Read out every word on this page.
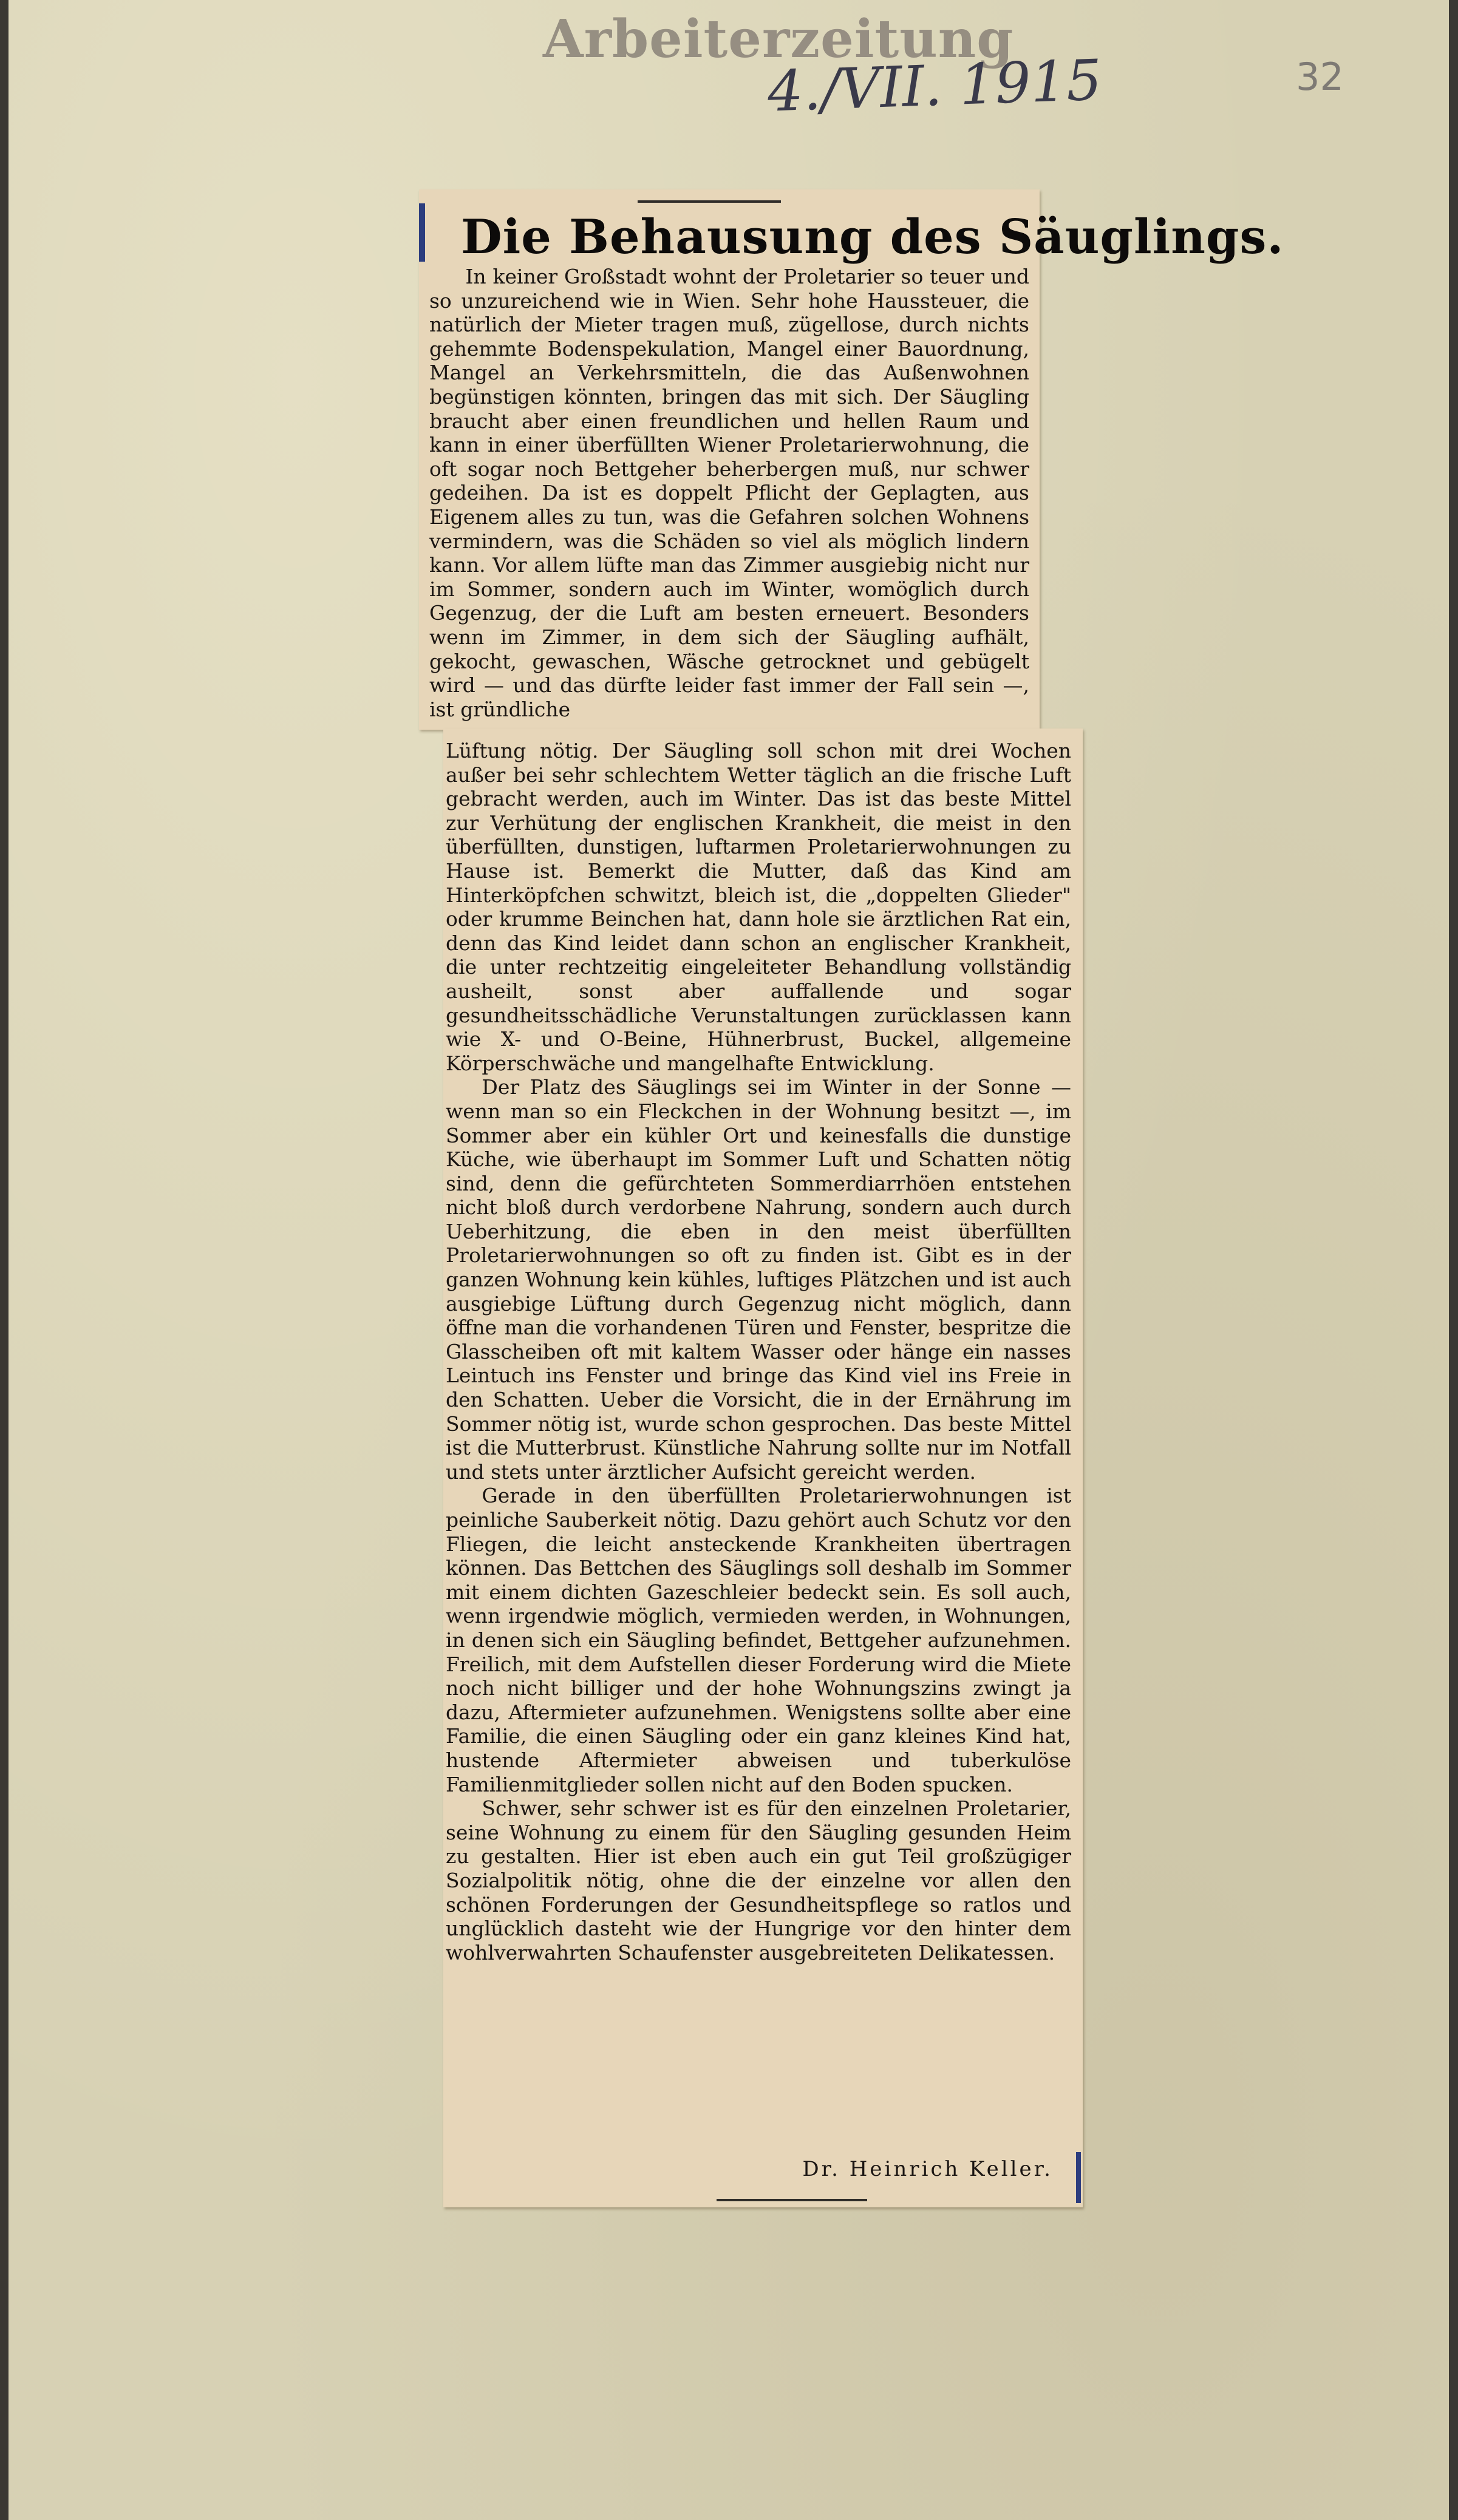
Arbeiterzeitung
4./VII. 1915	32
Die Behausung des Säuglings.

In keiner Großstadt wohnt der Proletarier so teuer und so unzureichend wie in Wien. Sehr hohe Haussteuer, die natürlich der Mieter tragen muß, zügellose, durch nichts gehemmte Bodenspekulation, Mangel einer Bauordnung, Mangel an Verkehrsmitteln, die das Außenwohnen begünstigen könnten, bringen das mit sich. Der Säugling braucht aber einen freundlichen und hellen Raum und kann in einer überfüllten Wiener Proletarierwohnung, die oft sogar noch Bettgeher beherbergen muß, nur schwer gedeihen. Da ist es doppelt Pflicht der Geplagten, aus Eigenem alles zu tun, was die Gefahren solchen Wohnens vermindern, was die Schäden so viel als möglich lindern kann. Vor allem lüfte man das Zimmer ausgiebig nicht nur im Sommer, sondern auch im Winter, womöglich durch Gegenzug, der die Luft am besten erneuert. Besonders wenn im Zimmer, in dem sich der Säugling aufhält, gekocht, gewaschen, Wäsche getrocknet und gebügelt wird — und das dürfte leider fast immer der Fall sein —, ist gründliche

Lüftung nötig. Der Säugling soll schon mit drei Wochen außer bei sehr schlechtem Wetter täglich an die frische Luft gebracht werden, auch im Winter. Das ist das beste Mittel zur Verhütung der englischen Krankheit, die meist in den überfüllten, dunstigen, luftarmen Proletarierwohnungen zu Hause ist. Bemerkt die Mutter, daß das Kind am Hinterköpfchen schwitzt, bleich ist, die „doppelten Glieder" oder krumme Beinchen hat, dann hole sie ärztlichen Rat ein, denn das Kind leidet dann schon an englischer Krankheit, die unter rechtzeitig eingeleiteter Behandlung vollständig ausheilt, sonst aber auffallende und sogar gesundheitsschädliche Verunstaltungen zurücklassen kann wie X- und O-Beine, Hühnerbrust, Buckel, allgemeine Körperschwäche und mangelhafte Entwicklung.

Der Platz des Säuglings sei im Winter in der Sonne — wenn man so ein Fleckchen in der Wohnung besitzt —, im Sommer aber ein kühler Ort und keinesfalls die dunstige Küche, wie überhaupt im Sommer Luft und Schatten nötig sind, denn die gefürchteten Sommerdiarrhöen entstehen nicht bloß durch verdorbene Nahrung, sondern auch durch Ueberhitzung, die eben in den meist überfüllten Proletarierwohnungen so oft zu finden ist. Gibt es in der ganzen Wohnung kein kühles, luftiges Plätzchen und ist auch ausgiebige Lüftung durch Gegenzug nicht möglich, dann öffne man die vorhandenen Türen und Fenster, bespritze die Glasscheiben oft mit kaltem Wasser oder hänge ein nasses Leintuch ins Fenster und bringe das Kind viel ins Freie in den Schatten. Ueber die Vorsicht, die in der Ernährung im Sommer nötig ist, wurde schon gesprochen. Das beste Mittel ist die Mutterbrust. Künstliche Nahrung sollte nur im Notfall und stets unter ärztlicher Aufsicht gereicht werden.

Gerade in den überfüllten Proletarierwohnungen ist peinliche Sauberkeit nötig. Dazu gehört auch Schutz vor den Fliegen, die leicht ansteckende Krankheiten übertragen können. Das Bettchen des Säuglings soll deshalb im Sommer mit einem dichten Gazeschleier bedeckt sein. Es soll auch, wenn irgendwie möglich, vermieden werden, in Wohnungen, in denen sich ein Säugling befindet, Bettgeher aufzunehmen. Freilich, mit dem Aufstellen dieser Forderung wird die Miete noch nicht billiger und der hohe Wohnungszins zwingt ja dazu, Aftermieter aufzunehmen. Wenigstens sollte aber eine Familie, die einen Säugling oder ein ganz kleines Kind hat, hustende Aftermieter abweisen und tuberkulöse Familienmitglieder sollen nicht auf den Boden spucken.

Schwer, sehr schwer ist es für den einzelnen Proletarier, seine Wohnung zu einem für den Säugling gesunden Heim zu gestalten. Hier ist eben auch ein gut Teil großzügiger Sozialpolitik nötig, ohne die der einzelne vor allen den schönen Forderungen der Gesundheitspflege so ratlos und unglücklich dasteht wie der Hungrige vor den hinter dem wohlverwahrten Schaufenster ausgebreiteten Delikatessen.

Dr. Heinrich Keller.
